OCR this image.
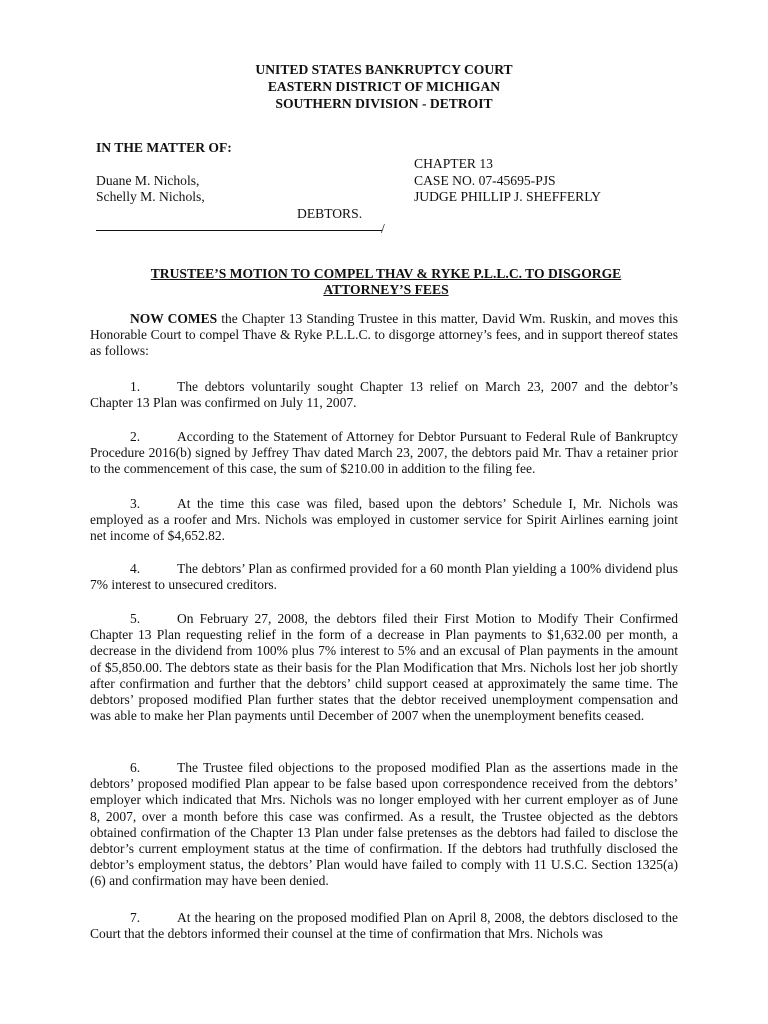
UNITED STATES BANKRUPTCY COURT
EASTERN DISTRICT OF MICHIGAN
SOUTHERN DIVISION - DETROIT
IN THE MATTER OF:
CHAPTER 13
Duane M. Nichols,	CASE NO. 07-45695-PJS
Schelly M. Nichols,	JUDGE PHILLIP J. SHEFFERLY
DEBTORS.
/
TRUSTEE’S MOTION TO COMPEL THAV & RYKE P.L.L.C. TO DISGORGE
ATTORNEY’S FEES
NOW COMES the Chapter 13 Standing Trustee in this matter, David Wm. Ruskin, and moves this Honorable Court to compel Thave & Ryke P.L.L.C. to disgorge attorney’s fees, and in support thereof states as follows:
1.	The debtors voluntarily sought Chapter 13 relief on March 23, 2007 and the debtor’s Chapter 13 Plan was confirmed on July 11, 2007.
2.	According to the Statement of Attorney for Debtor Pursuant to Federal Rule of Bankruptcy Procedure 2016(b) signed by Jeffrey Thav dated March 23, 2007, the debtors paid Mr. Thav a retainer prior to the commencement of this case, the sum of $210.00 in addition to the filing fee.
3.	At the time this case was filed, based upon the debtors’ Schedule I, Mr. Nichols was employed as a roofer and Mrs. Nichols was employed in customer service for Spirit Airlines earning joint net income of $4,652.82.
4.	The debtors’ Plan as confirmed provided for a 60 month Plan yielding a 100% dividend plus 7% interest to unsecured creditors.
5.	On February 27, 2008, the debtors filed their First Motion to Modify Their Confirmed Chapter 13 Plan requesting relief in the form of a decrease in Plan payments to $1,632.00 per month, a decrease in the dividend from 100% plus 7% interest to 5% and an excusal of Plan payments in the amount of $5,850.00. The debtors state as their basis for the Plan Modification that Mrs. Nichols lost her job shortly after confirmation and further that the debtors’ child support ceased at approximately the same time. The debtors’ proposed modified Plan further states that the debtor received unemployment compensation and was able to make her Plan payments until December of 2007 when the unemployment benefits ceased.
6.	The Trustee filed objections to the proposed modified Plan as the assertions made in the debtors’ proposed modified Plan appear to be false based upon correspondence received from the debtors’ employer which indicated that Mrs. Nichols was no longer employed with her current employer as of June 8, 2007, over a month before this case was confirmed. As a result, the Trustee objected as the debtors obtained confirmation of the Chapter 13 Plan under false pretenses as the debtors had failed to disclose the debtor’s current employment status at the time of confirmation. If the debtors had truthfully disclosed the debtor’s employment status, the debtors’ Plan would have failed to comply with 11 U.S.C. Section 1325(a)(6) and confirmation may have been denied.
7.	At the hearing on the proposed modified Plan on April 8, 2008, the debtors disclosed to the Court that the debtors informed their counsel at the time of confirmation that Mrs. Nichols was
